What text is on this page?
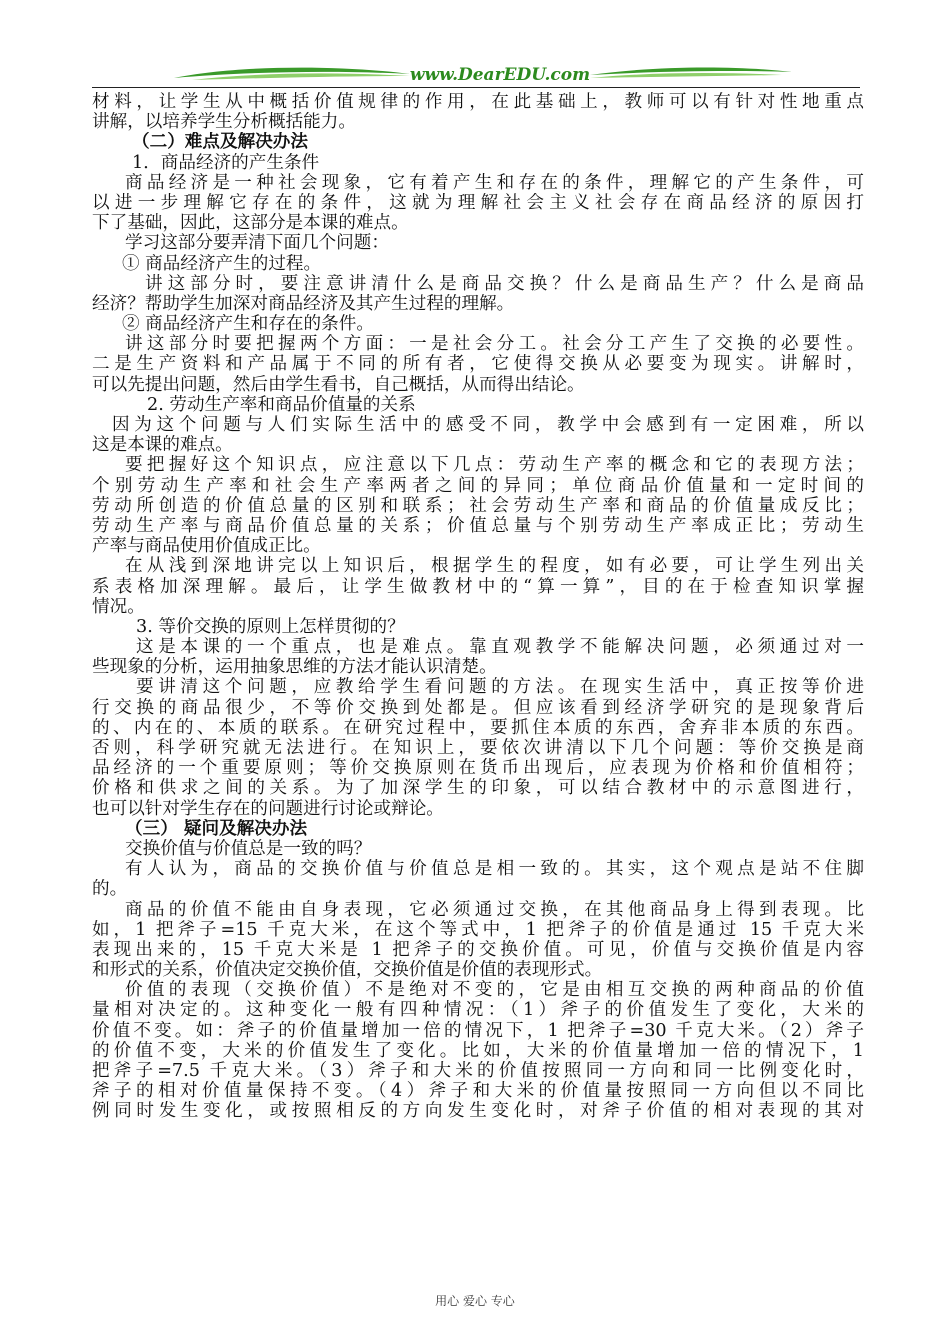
www.DearEDU.com
材料，让学生从中概括价值规律的作用，在此基础上，教师可以有针对性地重点
讲解，以培养学生分析概括能力。
（二）难点及解决办法
1．商品经济的产生条件
商品经济是一种社会现象，它有着产生和存在的条件，理解它的产生条件，可
以进一步理解它存在的条件，这就为理解社会主义社会存在商品经济的原因打
下了基础，因此，这部分是本课的难点。
学习这部分要弄清下面几个问题：
① 商品经济产生的过程。
讲这部分时，要注意讲清什么是商品交换？什么是商品生产？什么是商品
经济？帮助学生加深对商品经济及其产生过程的理解。
② 商品经济产生和存在的条件。
讲这部分时要把握两个方面：一是社会分工。社会分工产生了交换的必要性。
二是生产资料和产品属于不同的所有者，它使得交换从必要变为现实。讲解时，
可以先提出问题，然后由学生看书，自己概括，从而得出结论。
2. 劳动生产率和商品价值量的关系
因为这个问题与人们实际生活中的感受不同，教学中会感到有一定困难，所以
这是本课的难点。
要把握好这个知识点，应注意以下几点：劳动生产率的概念和它的表现方法；
个别劳动生产率和社会生产率两者之间的异同；单位商品价值量和一定时间的
劳动所创造的价值总量的区别和联系；社会劳动生产率和商品的价值量成反比；
劳动生产率与商品价值总量的关系；价值总量与个别劳动生产率成正比；劳动生
产率与商品使用价值成正比。
在从浅到深地讲完以上知识后，根据学生的程度，如有必要，可让学生列出关
系表格加深理解。最后，让学生做教材中的“算一算”，目的在于检查知识掌握
情况。
3. 等价交换的原则上怎样贯彻的？
这是本课的一个重点，也是难点。靠直观教学不能解决问题，必须通过对一
些现象的分析，运用抽象思维的方法才能认识清楚。
要讲清这个问题，应教给学生看问题的方法。在现实生活中，真正按等价进
行交换的商品很少，不等价交换到处都是。但应该看到经济学研究的是现象背后
的、内在的、本质的联系。在研究过程中，要抓住本质的东西，舍弃非本质的东西。
否则，科学研究就无法进行。在知识上，要依次讲清以下几个问题：等价交换是商
品经济的一个重要原则；等价交换原则在货币出现后，应表现为价格和价值相符；
价格和供求之间的关系。为了加深学生的印象，可以结合教材中的示意图进行，
也可以针对学生存在的问题进行讨论或辩论。
（三） 疑问及解决办法
交换价值与价值总是一致的吗？
有人认为，商品的交换价值与价值总是相一致的。其实，这个观点是站不住脚
的。
商品的价值不能由自身表现，它必须通过交换，在其他商品身上得到表现。比
如，1 把斧子=15 千克大米，在这个等式中，1 把斧子的价值是通过 15 千克大米
表现出来的，15 千克大米是 1 把斧子的交换价值。可见，价值与交换价值是内容
和形式的关系，价值决定交换价值，交换价值是价值的表现形式。
价值的表现（交换价值）不是绝对不变的，它是由相互交换的两种商品的价值
量相对决定的。这种变化一般有四种情况：（1）斧子的价值发生了变化，大米的
价值不变。如：斧子的价值量增加一倍的情况下，1 把斧子=30 千克大米。（2）斧子
的价值不变，大米的价值发生了变化。比如，大米的价值量增加一倍的情况下，1
把斧子=7.5 千克大米。（3）斧子和大米的价值按照同一方向和同一比例变化时，
斧子的相对价值量保持不变。（4）斧子和大米的价值量按照同一方向但以不同比
例同时发生变化，或按照相反的方向发生变化时，对斧子价值的相对表现的其对
用心 爱心 专心
